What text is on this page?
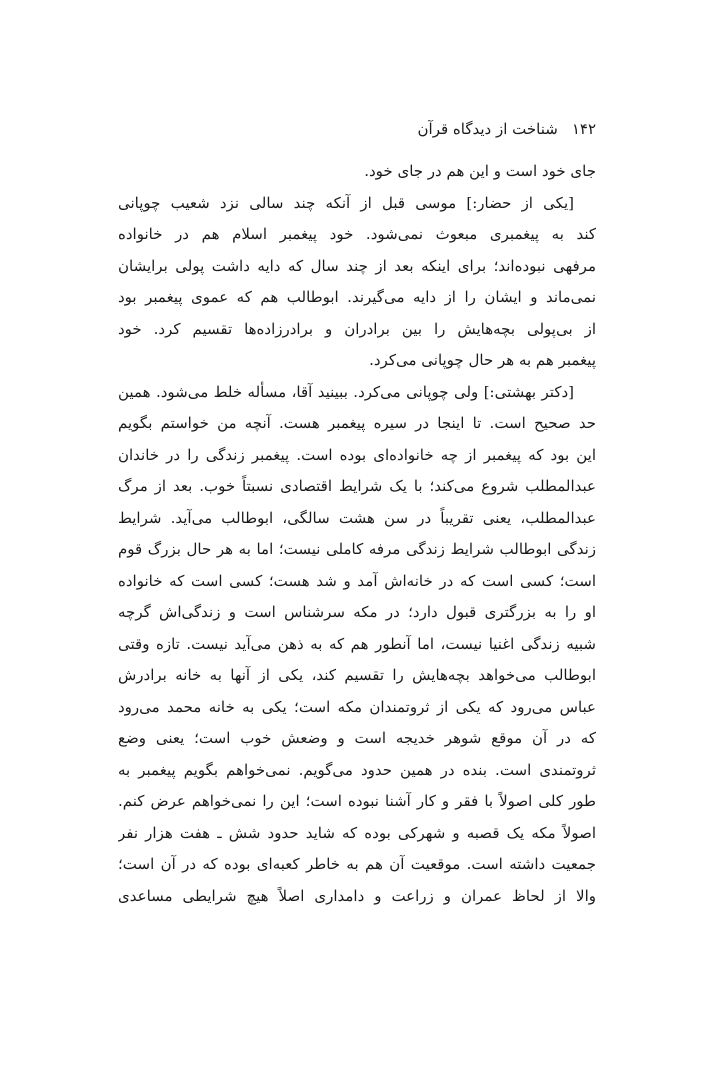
۱۴۲شناخت از دیدگاه قرآن
جای خود است و این هم در جای خود.
[یکی از حضار:] موسی قبل از آنکه چند سالی نزد شعیب چوپانی
کند به پیغمبری مبعوث نمی‌شود. خود پیغمبر اسلام هم در خانواده
مرفهی نبوده‌اند؛ برای اینکه بعد از چند سال که دایه داشت پولی برایشان
نمی‌ماند و ایشان را از دایه می‌گیرند. ابوطالب هم که عموی پیغمبر بود
از بی‌پولی بچه‌هایش را بین برادران و برادرزاده‌ها تقسیم کرد. خود
پیغمبر هم به هر حال چوپانی می‌کرد.
[دکتر بهشتی:] ولی چوپانی می‌کرد. ببینید آقا، مسأله خلط می‌شود. همین
حد صحیح است. تا اینجا در سیره پیغمبر هست. آنچه من خواستم بگویم
این بود که پیغمبر از چه خانواده‌ای بوده است. پیغمبر زندگی را در خاندان
عبدالمطلب شروع می‌کند؛ با یک شرایط اقتصادی نسبتاً خوب. بعد از مرگ
عبدالمطلب، یعنی تقریباً در سن هشت سالگی، ابوطالب می‌آید. شرایط
زندگی ابوطالب شرایط زندگی مرفه کاملی نیست؛ اما به هر حال بزرگ قوم
است؛ کسی است که در خانه‌اش آمد و شد هست؛ کسی است که خانواده
او را به بزرگتری قبول دارد؛ در مکه سرشناس است و زندگی‌اش گرچه
شبیه زندگی اغنیا نیست، اما آنطور هم که به ذهن می‌آید نیست. تازه وقتی
ابوطالب می‌خواهد بچه‌هایش را تقسیم کند، یکی از آنها به خانه برادرش
عباس می‌رود که یکی از ثروتمندان مکه است؛ یکی به خانه محمد می‌رود
که در آن موقع شوهر خدیجه است و وضعش خوب است؛ یعنی وضع
ثروتمندی است. بنده در همین حدود می‌گویم. نمی‌خواهم بگویم پیغمبر به
طور کلی اصولاً با فقر و کار آشنا نبوده است؛ این را نمی‌خواهم عرض کنم.
اصولاً مکه یک قصبه و شهرکی بوده که شاید حدود شش ـ هفت هزار نفر
جمعیت داشته است. موقعیت آن هم به خاطر کعبه‌ای بوده که در آن است؛
والا از لحاظ عمران و زراعت و دامداری اصلاً هیچ شرایطی مساعدی
